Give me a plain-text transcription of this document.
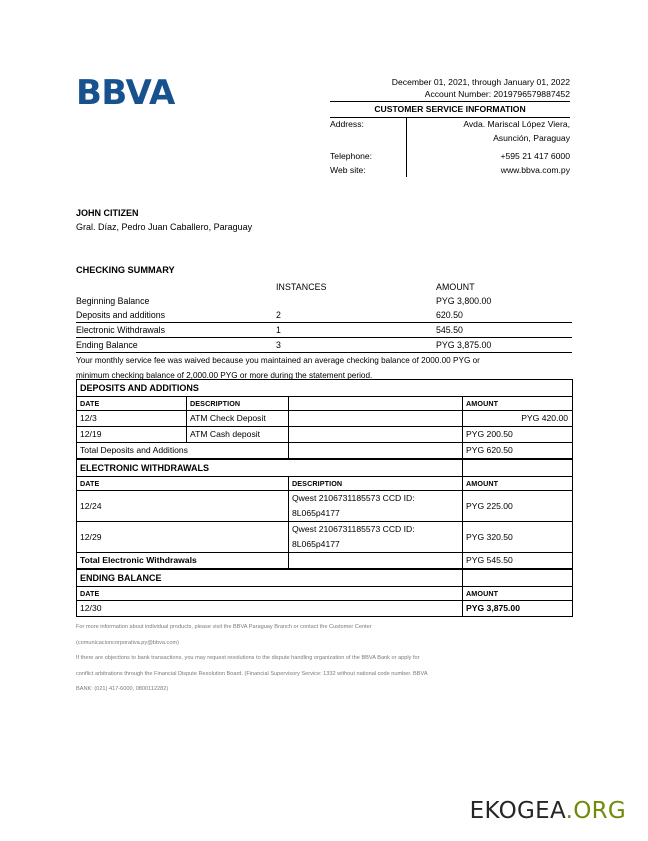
BBVA	December 01, 2021, through January 01, 2022
Account Number: 2019796579887452
CUSTOMER SERVICE INFORMATION
Address:	Avda. Mariscal López Viera,
	Asunción, Paraguay

Telephone:	+595 21 417 6000
Web site:	www.bbva.com.py
JOHN CITIZEN
Gral. Díaz, Pedro Juan Caballero, Paraguay
CHECKING SUMMARY
	INSTANCES	AMOUNT
Beginning Balance		PYG 3,800.00
Deposits and additions	2	620.50
Electronic Withdrawals	1	545.50
Ending Balance	3	PYG 3,875.00
Your monthly service fee was waived because you maintained an average checking balance of 2000.00 PYG or
minimum checking balance of 2,000.00 PYG or more during the statement period.
DEPOSITS AND ADDITIONS			
DATE	DESCRIPTION		AMOUNT
12/3	ATM Check Deposit		PYG 420.00
12/19	ATM Cash deposit		PYG 200.50
Total Deposits and Additions			PYG 620.50
ELECTRONIC WITHDRAWALS		
DATE	DESCRIPTION	AMOUNT
12/24	Qwest 2106731185573 CCD ID: 8L065p4177	PYG 225.00
12/29	Qwest 2106731185573 CCD ID: 8L065p4177	PYG 320.50
Total Electronic Withdrawals		PYG 545.50
ENDING BALANCE	
DATE	AMOUNT
12/30	PYG 3,875.00

For more information about individual products, please visit the BBVA Paraguay Branch or contact the Customer Center

(comunicacioncorporativa.py@bbva.com)

If there are objections to bank transactions, you may request resolutions to the dispute handling organization of the BBVA Bank or apply for

conflict arbitrations through the Financial Dispute Resolution Board. (Financial Supervisory Service: 1332 without national code number. BBVA

BANK: (021) 417-6000, 0800112282)

EKOGEA.ORG
